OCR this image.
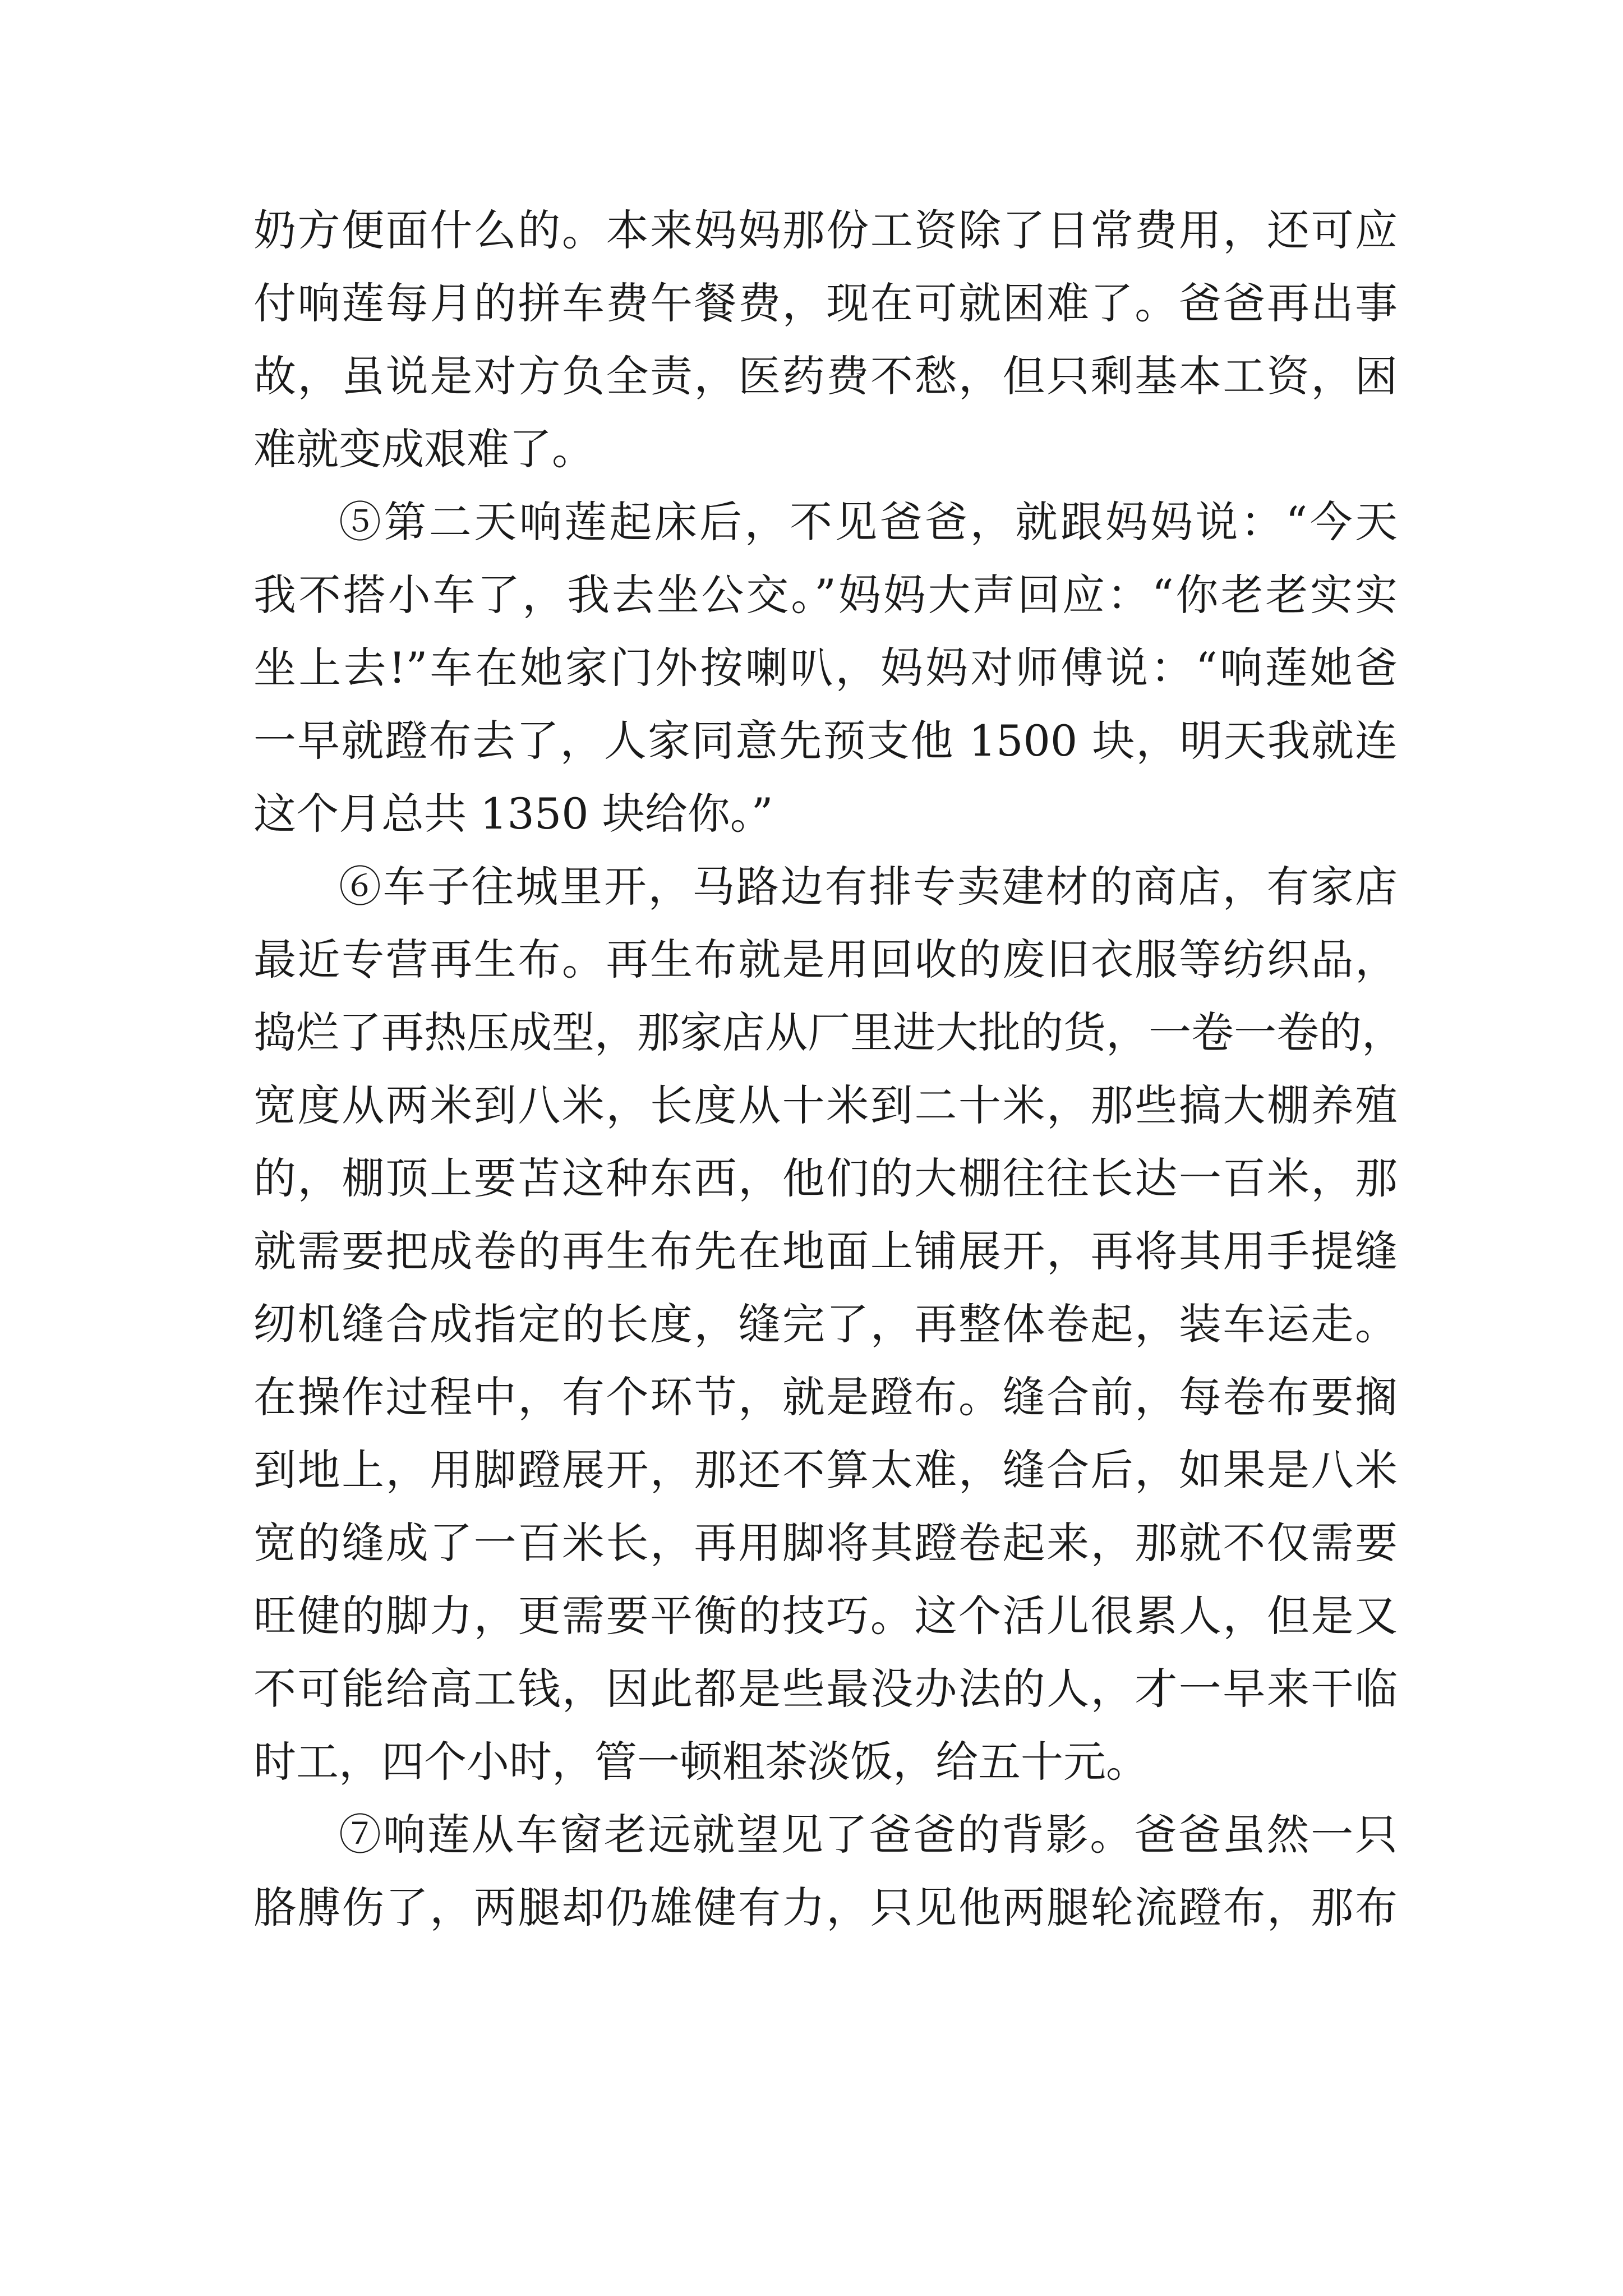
奶方便面什么的。本来妈妈那份工资除了日常费用，还可应
付响莲每月的拼车费午餐费，现在可就困难了。爸爸再出事
故，虽说是对方负全责，医药费不愁，但只剩基本工资，困
难就变成艰难了。
⑤第二天响莲起床后，不见爸爸，就跟妈妈说：“今天
我不搭小车了，我去坐公交。”妈妈大声回应：“你老老实实
坐上去!”车在她家门外按喇叭，妈妈对师傅说：“响莲她爸
一早就蹬布去了，人家同意先预支他 1500 块，明天我就连
这个月总共 1350 块给你。”
⑥车子往城里开，马路边有排专卖建材的商店，有家店
最近专营再生布。再生布就是用回收的废旧衣服等纺织品，
捣烂了再热压成型，那家店从厂里进大批的货，一卷一卷的，
宽度从两米到八米，长度从十米到二十米，那些搞大棚养殖
的，棚顶上要苫这种东西，他们的大棚往往长达一百米，那
就需要把成卷的再生布先在地面上铺展开，再将其用手提缝
纫机缝合成指定的长度，缝完了，再整体卷起，装车运走。
在操作过程中，有个环节，就是蹬布。缝合前，每卷布要搁
到地上，用脚蹬展开，那还不算太难，缝合后，如果是八米
宽的缝成了一百米长，再用脚将其蹬卷起来，那就不仅需要
旺健的脚力，更需要平衡的技巧。这个活儿很累人，但是又
不可能给高工钱，因此都是些最没办法的人，才一早来干临
时工，四个小时，管一顿粗茶淡饭，给五十元。
⑦响莲从车窗老远就望见了爸爸的背影。爸爸虽然一只
胳膊伤了，两腿却仍雄健有力，只见他两腿轮流蹬布，那布
